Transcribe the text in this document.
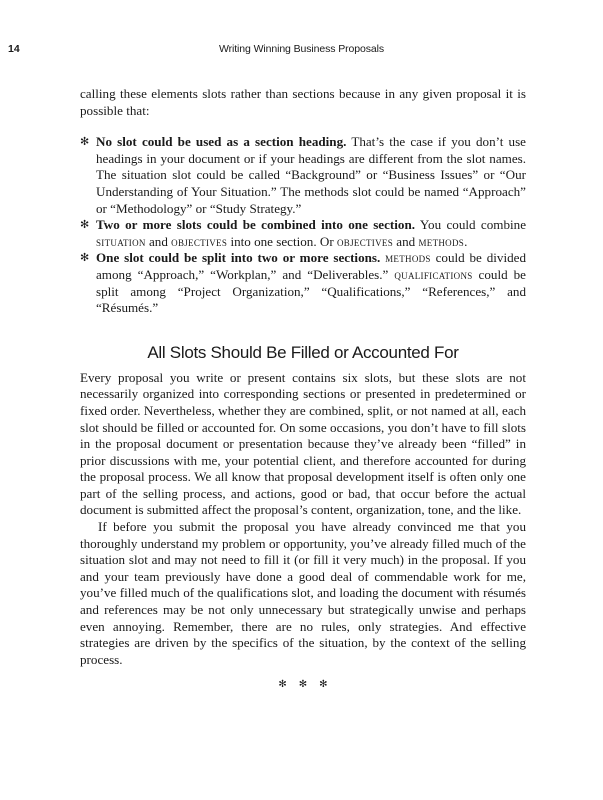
14	Writing Winning Business Proposals

calling these elements slots rather than sections because in any given proposal it is possible that:

✻ No slot could be used as a section heading. That’s the case if you don’t use headings in your document or if your headings are different from the slot names. The situation slot could be called “Background” or “Business Issues” or “Our Understanding of Your Situation.” The methods slot could be named “Approach” or “Methodology” or “Study Strategy.”
✻ Two or more slots could be combined into one section. You could combine situation and objectives into one section. Or objectives and methods.
✻ One slot could be split into two or more sections. methods could be divided among “Approach,” “Workplan,” and “Deliverables.” qualifications could be split among “Project Organization,” “Qualifications,” “References,” and “Résumés.”
All Slots Should Be Filled or Accounted For

Every proposal you write or present contains six slots, but these slots are not necessarily organized into corresponding sections or presented in predetermined or fixed order. Nevertheless, whether they are combined, split, or not named at all, each slot should be filled or accounted for. On some occasions, you don’t have to fill slots in the proposal document or presentation because they’ve already been “filled” in prior discussions with me, your potential client, and therefore accounted for during the proposal process. We all know that proposal development itself is often only one part of the selling process, and actions, good or bad, that occur before the actual document is submitted affect the proposal’s content, organization, tone, and the like.

If before you submit the proposal you have already convinced me that you thoroughly understand my problem or opportunity, you’ve already filled much of the situation slot and may not need to fill it (or fill it very much) in the proposal. If you and your team previously have done a good deal of commendable work for me, you’ve filled much of the qualifications slot, and loading the document with résumés and references may be not only unnecessary but strategically unwise and perhaps even annoying. Remember, there are no rules, only strategies. And effective strategies are driven by the specifics of the situation, by the context of the selling process.

✻✻✻
